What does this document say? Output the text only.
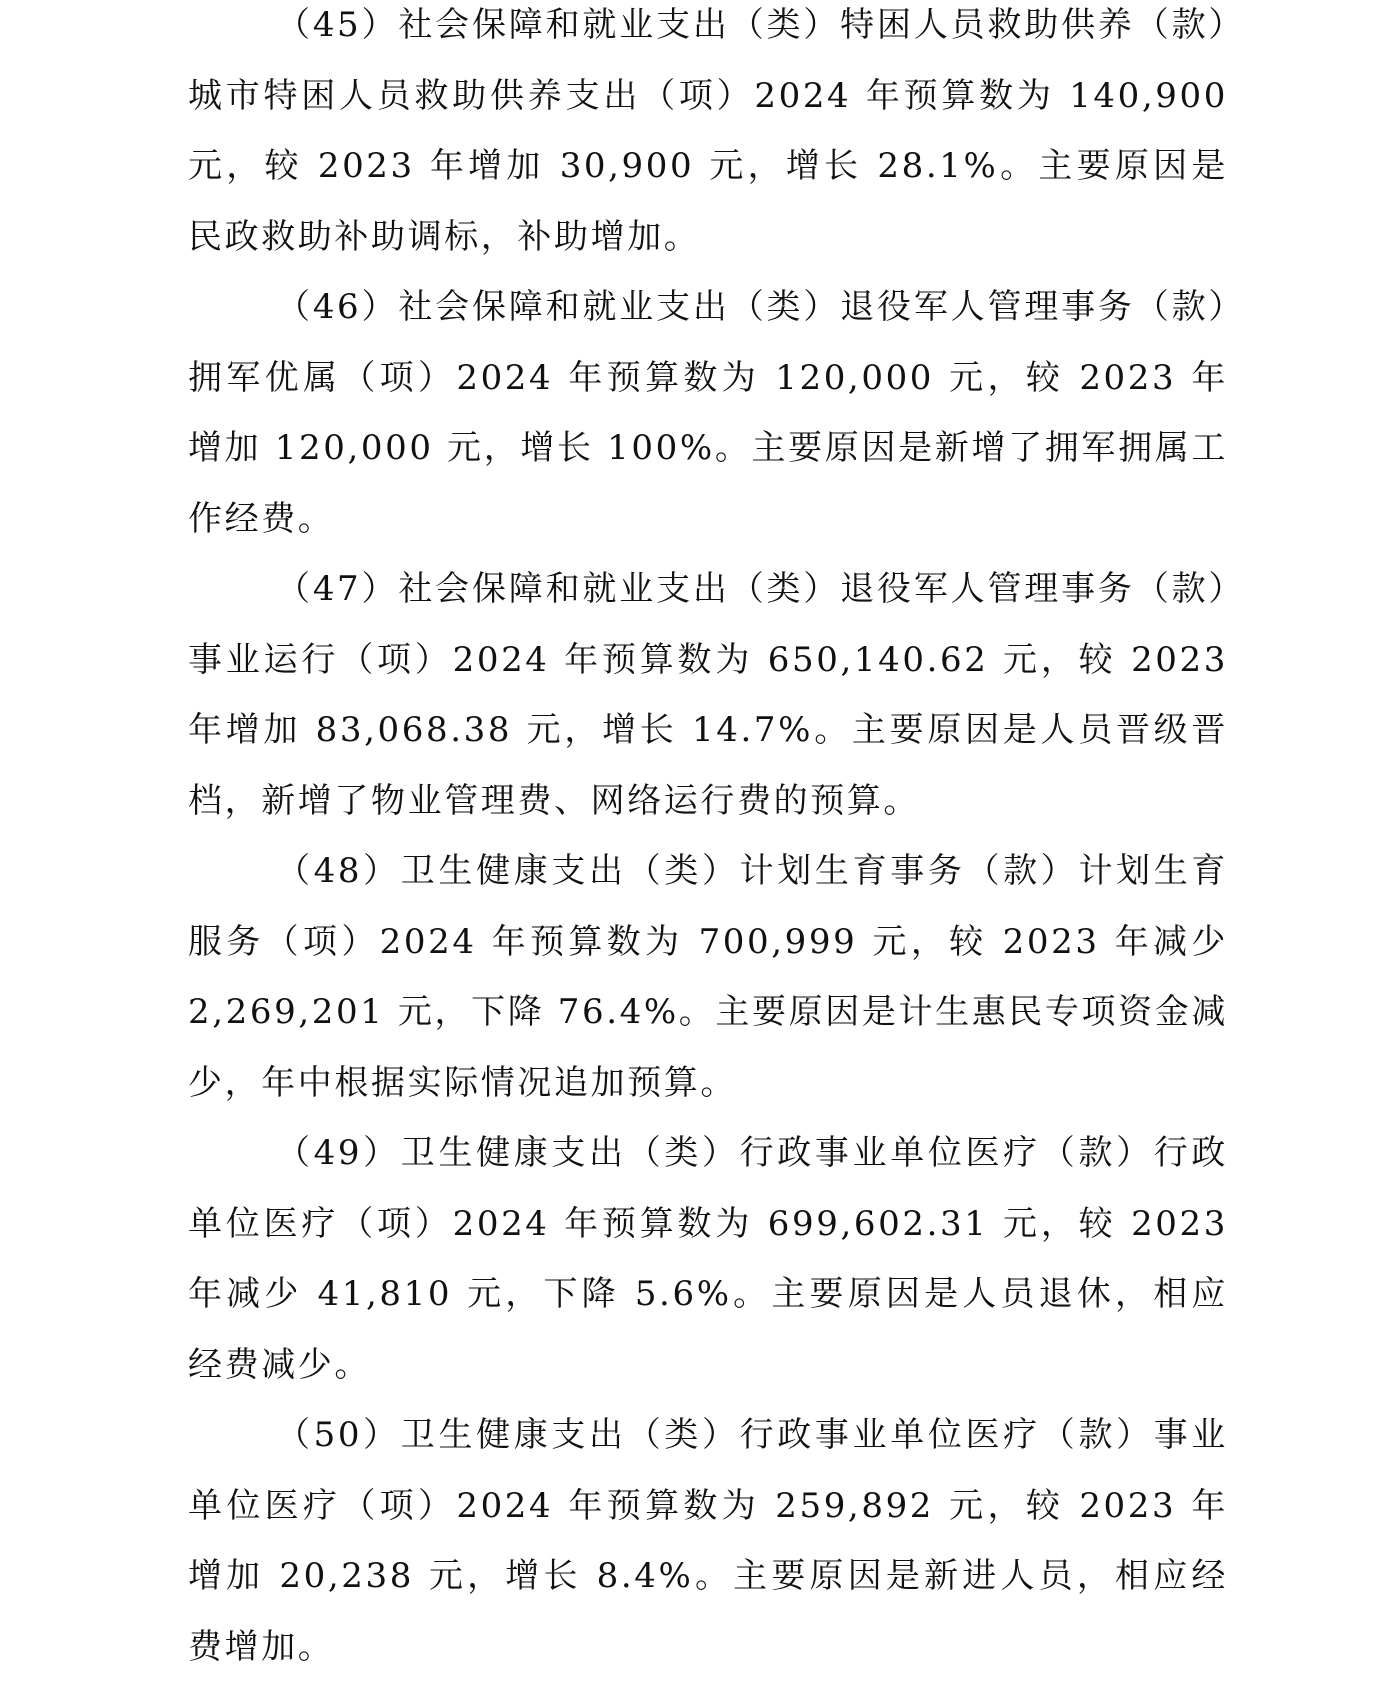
（45）社会保障和就业支出（类）特困人员救助供养（款）城市特困人员救助供养支出（项）2024 年预算数为 140,900 元，较 2023 年增加 30,900 元，增长 28.1%。主要原因是民政救助补助调标，补助增加。

（46）社会保障和就业支出（类）退役军人管理事务（款）拥军优属（项）2024 年预算数为 120,000 元，较 2023 年增加 120,000 元，增长 100%。主要原因是新增了拥军拥属工作经费。

（47）社会保障和就业支出（类）退役军人管理事务（款）事业运行（项）2024 年预算数为 650,140.62 元，较 2023 年增加 83,068.38 元，增长 14.7%。主要原因是人员晋级晋档，新增了物业管理费、网络运行费的预算。

（48）卫生健康支出（类）计划生育事务（款）计划生育服务（项）2024 年预算数为 700,999 元，较 2023 年减少 2,269,201 元，下降 76.4%。主要原因是计生惠民专项资金减少，年中根据实际情况追加预算。

（49）卫生健康支出（类）行政事业单位医疗（款）行政单位医疗（项）2024 年预算数为 699,602.31 元，较 2023 年减少 41,810 元，下降 5.6%。主要原因是人员退休，相应经费减少。

（50）卫生健康支出（类）行政事业单位医疗（款）事业单位医疗（项）2024 年预算数为 259,892 元，较 2023 年增加 20,238 元，增长 8.4%。主要原因是新进人员，相应经费增加。
